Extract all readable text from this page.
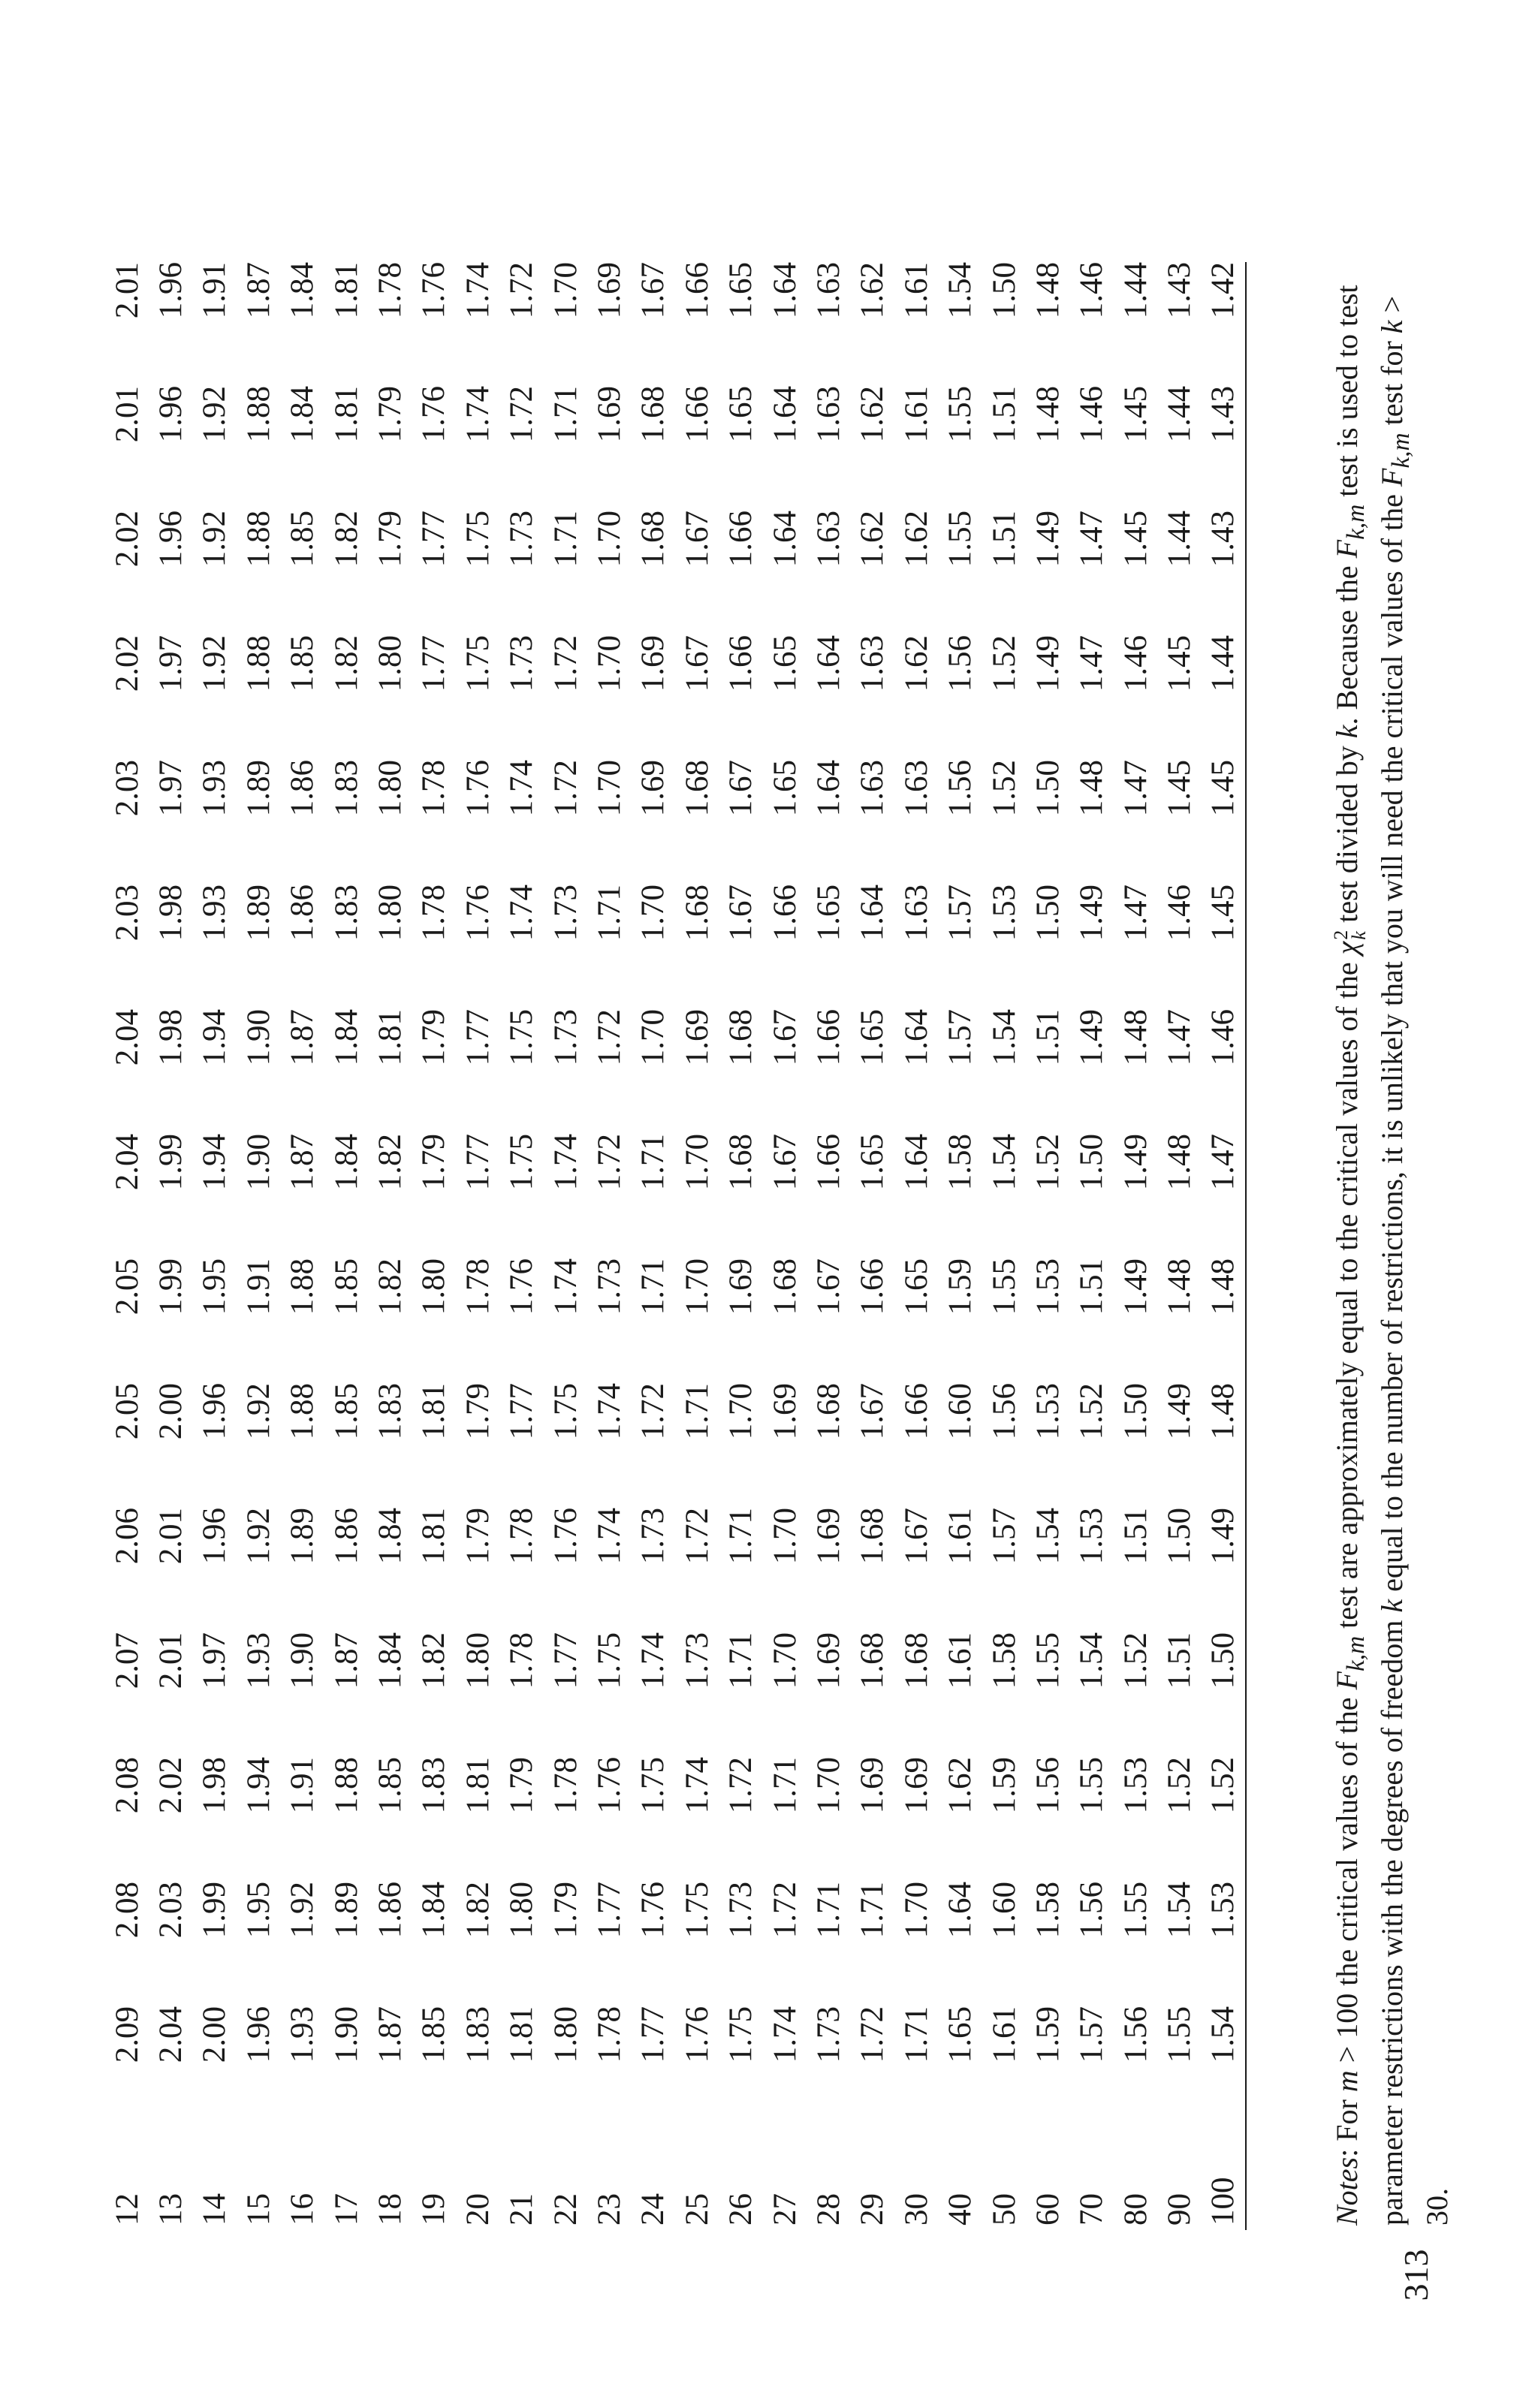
12	2.09	2.08	2.08	2.07	2.06	2.05	2.05	2.04	2.04	2.03	2.03	2.02	2.02	2.01	2.01
13	2.04	2.03	2.02	2.01	2.01	2.00	1.99	1.99	1.98	1.98	1.97	1.97	1.96	1.96	1.96
14	2.00	1.99	1.98	1.97	1.96	1.96	1.95	1.94	1.94	1.93	1.93	1.92	1.92	1.92	1.91
15	1.96	1.95	1.94	1.93	1.92	1.92	1.91	1.90	1.90	1.89	1.89	1.88	1.88	1.88	1.87
16	1.93	1.92	1.91	1.90	1.89	1.88	1.88	1.87	1.87	1.86	1.86	1.85	1.85	1.84	1.84
17	1.90	1.89	1.88	1.87	1.86	1.85	1.85	1.84	1.84	1.83	1.83	1.82	1.82	1.81	1.81
18	1.87	1.86	1.85	1.84	1.84	1.83	1.82	1.82	1.81	1.80	1.80	1.80	1.79	1.79	1.78
19	1.85	1.84	1.83	1.82	1.81	1.81	1.80	1.79	1.79	1.78	1.78	1.77	1.77	1.76	1.76
20	1.83	1.82	1.81	1.80	1.79	1.79	1.78	1.77	1.77	1.76	1.76	1.75	1.75	1.74	1.74
21	1.81	1.80	1.79	1.78	1.78	1.77	1.76	1.75	1.75	1.74	1.74	1.73	1.73	1.72	1.72
22	1.80	1.79	1.78	1.77	1.76	1.75	1.74	1.74	1.73	1.73	1.72	1.72	1.71	1.71	1.70
23	1.78	1.77	1.76	1.75	1.74	1.74	1.73	1.72	1.72	1.71	1.70	1.70	1.70	1.69	1.69
24	1.77	1.76	1.75	1.74	1.73	1.72	1.71	1.71	1.70	1.70	1.69	1.69	1.68	1.68	1.67
25	1.76	1.75	1.74	1.73	1.72	1.71	1.70	1.70	1.69	1.68	1.68	1.67	1.67	1.66	1.66
26	1.75	1.73	1.72	1.71	1.71	1.70	1.69	1.68	1.68	1.67	1.67	1.66	1.66	1.65	1.65
27	1.74	1.72	1.71	1.70	1.70	1.69	1.68	1.67	1.67	1.66	1.65	1.65	1.64	1.64	1.64
28	1.73	1.71	1.70	1.69	1.69	1.68	1.67	1.66	1.66	1.65	1.64	1.64	1.63	1.63	1.63
29	1.72	1.71	1.69	1.68	1.68	1.67	1.66	1.65	1.65	1.64	1.63	1.63	1.62	1.62	1.62
30	1.71	1.70	1.69	1.68	1.67	1.66	1.65	1.64	1.64	1.63	1.63	1.62	1.62	1.61	1.61
40	1.65	1.64	1.62	1.61	1.61	1.60	1.59	1.58	1.57	1.57	1.56	1.56	1.55	1.55	1.54
50	1.61	1.60	1.59	1.58	1.57	1.56	1.55	1.54	1.54	1.53	1.52	1.52	1.51	1.51	1.50
60	1.59	1.58	1.56	1.55	1.54	1.53	1.53	1.52	1.51	1.50	1.50	1.49	1.49	1.48	1.48
70	1.57	1.56	1.55	1.54	1.53	1.52	1.51	1.50	1.49	1.49	1.48	1.47	1.47	1.46	1.46
80	1.56	1.55	1.53	1.52	1.51	1.50	1.49	1.49	1.48	1.47	1.47	1.46	1.45	1.45	1.44
90	1.55	1.54	1.52	1.51	1.50	1.49	1.48	1.48	1.47	1.46	1.45	1.45	1.44	1.44	1.43
100	1.54	1.53	1.52	1.50	1.49	1.48	1.48	1.47	1.46	1.45	1.45	1.44	1.43	1.43	1.42
Notes: For m > 100 the critical values of the $F_{k,m}$ test are approximately equal to the critical values of the χ
2
k
test divided by k. Because the $F_{k,m}$ test is used to test parameter restrictions with the degrees of freedom k equal to the number of restrictions, it is unlikely that you will need the critical values of the $F_{k,m}$ test for k > 30.
313
